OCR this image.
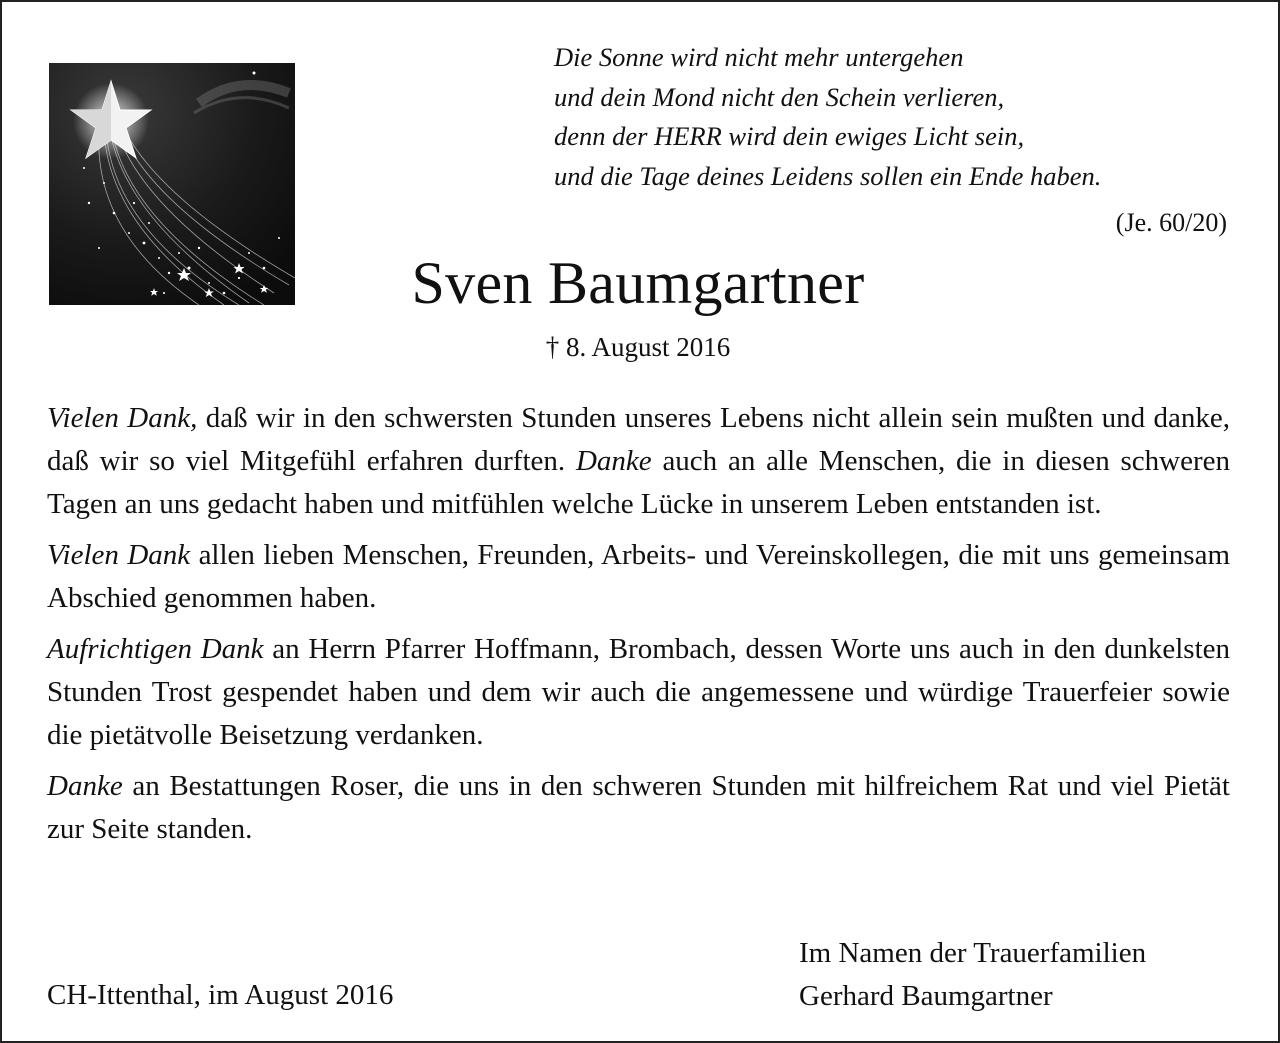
Die Sonne wird nicht mehr untergehen
und dein Mond nicht den Schein verlieren,
denn der HERR wird dein ewiges Licht sein,
und die Tage deines Leidens sollen ein Ende haben.
(Je. 60/20)
Sven Baumgartner
† 8. August 2016

Vielen Dank, daß wir in den schwersten Stunden unseres Lebens nicht allein sein mußten und danke, daß wir so viel Mitgefühl erfahren durften. Danke auch an alle Menschen, die in diesen schweren Tagen an uns gedacht haben und mitfühlen welche Lücke in unserem Leben entstanden ist.

Vielen Dank allen lieben Menschen, Freunden, Arbeits- und Vereinskollegen, die mit uns gemeinsam Abschied genommen haben.

Aufrichtigen Dank an Herrn Pfarrer Hoffmann, Brombach, dessen Worte uns auch in den dunkelsten Stunden Trost gespendet haben und dem wir auch die angemessene und würdige Trauerfeier sowie die pietätvolle Beisetzung verdanken.

Danke an Bestattungen Roser, die uns in den schweren Stunden mit hilfreichem Rat und viel Pietät zur Seite standen.

CH-Ittenthal, im August 2016
Im Namen der Trauerfamilien
Gerhard Baumgartner
